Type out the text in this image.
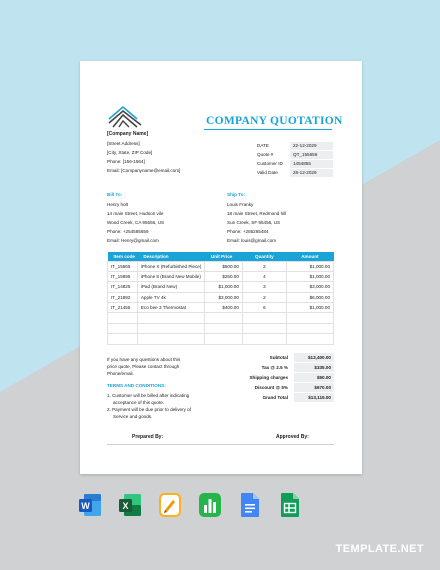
COMPANY QUOTATION
[Company Name]
[Street Address]
[City, State, ZIP Code]
Phone: [156-1564]
Email: [Companyname@email.com]
DATE	22-12-2029
Quote #	QT_155656
Customer ID	1454855
Valid Date	28-12-2029
Bill To:
Henry holt
14 main Street, Hudson vile
Wood Creek, CA 95556, US
Phone: +254585659
Email: Henry@gmail.com
Ship To:
Louis Franky
18 main Street, Redmond hill
Sun Creek, SF 95456, US
Phone: +285265484
Email: louis@gmail.com
Item code	Description	Unit Price	Quantity	Amount
IT_15565	iPhone X (Refurbished Piece)	$500.00	2	$1,000.00
IT_15895	iPhone 8 (Brand New Mobile)	$250.00	4	$1,000.00
IT_14825	iPad (Brand New)	$1,000.00	3	$3,000.00
IT_21892	Apple TV 4k	$3,000.00	2	$6,000.00
IT_21455	Eco bee 3 Thermostat	$400.00	6	$1,000.00

If you have any questions about this
price quote, Please contact through
Phone/email.
TERMS AND CONDITIONS:
1. Customer will be billed after indicating
acceptance of this quote.
2. Payment will be due prior to delivery of
Service and goods.
Subtotal	$13,400.00
Tax @ 2.5 %	$335.00
Shipping charges	$50.00
Discount @ 5%	$670.00
Grand Total	$13,115.00
Prepared By:	Approved By:
W	X
TEMPLATE.NET
